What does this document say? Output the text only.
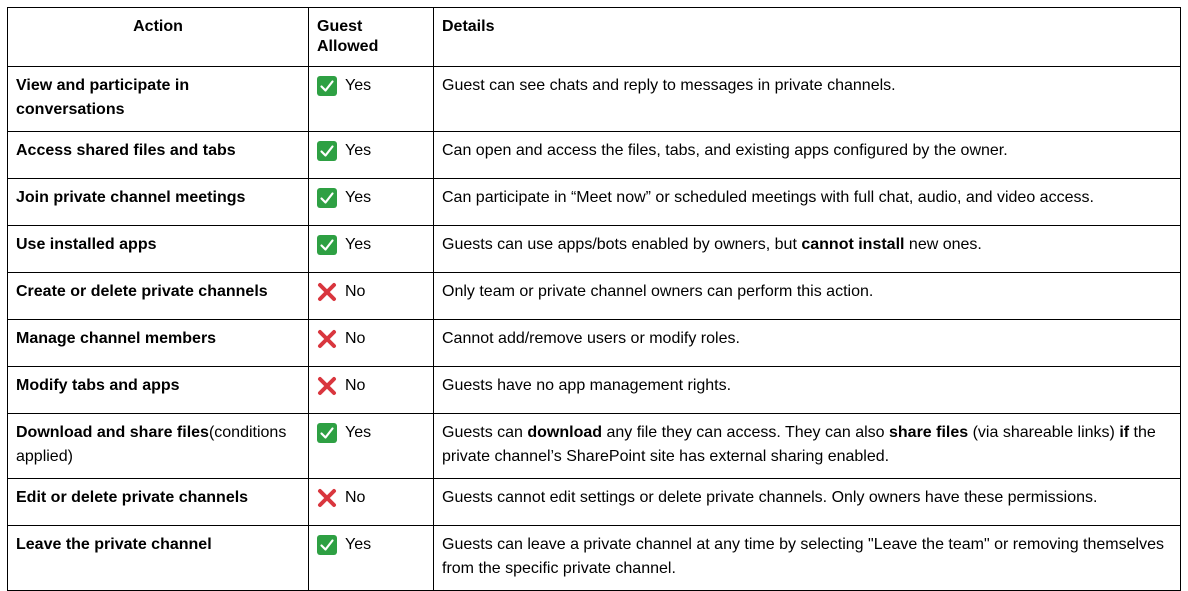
Action	Guest Allowed	Details
View and participate in conversations	Yes	Guest can see chats and reply to messages in private channels.
Access shared files and tabs	Yes	Can open and access the files, tabs, and existing apps configured by the owner.
Join private channel meetings	Yes	Can participate in “Meet now” or scheduled meetings with full chat, audio, and video access.
Use installed apps	Yes	Guests can use apps/bots enabled by owners, but cannot install new ones.
Create or delete private channels	No	Only team or private channel owners can perform this action.
Manage channel members	No	Cannot add/remove users or modify roles.
Modify tabs and apps	No	Guests have no app management rights.
Download and share files(conditions applied)	Yes	Guests can download any file they can access. They can also share files (via shareable links) if the private channel’s SharePoint site has external sharing enabled.
Edit or delete private channels	No	Guests cannot edit settings or delete private channels. Only owners have these permissions.
Leave the private channel	Yes	Guests can leave a private channel at any time by selecting "Leave the team" or removing themselves from the specific private channel.
